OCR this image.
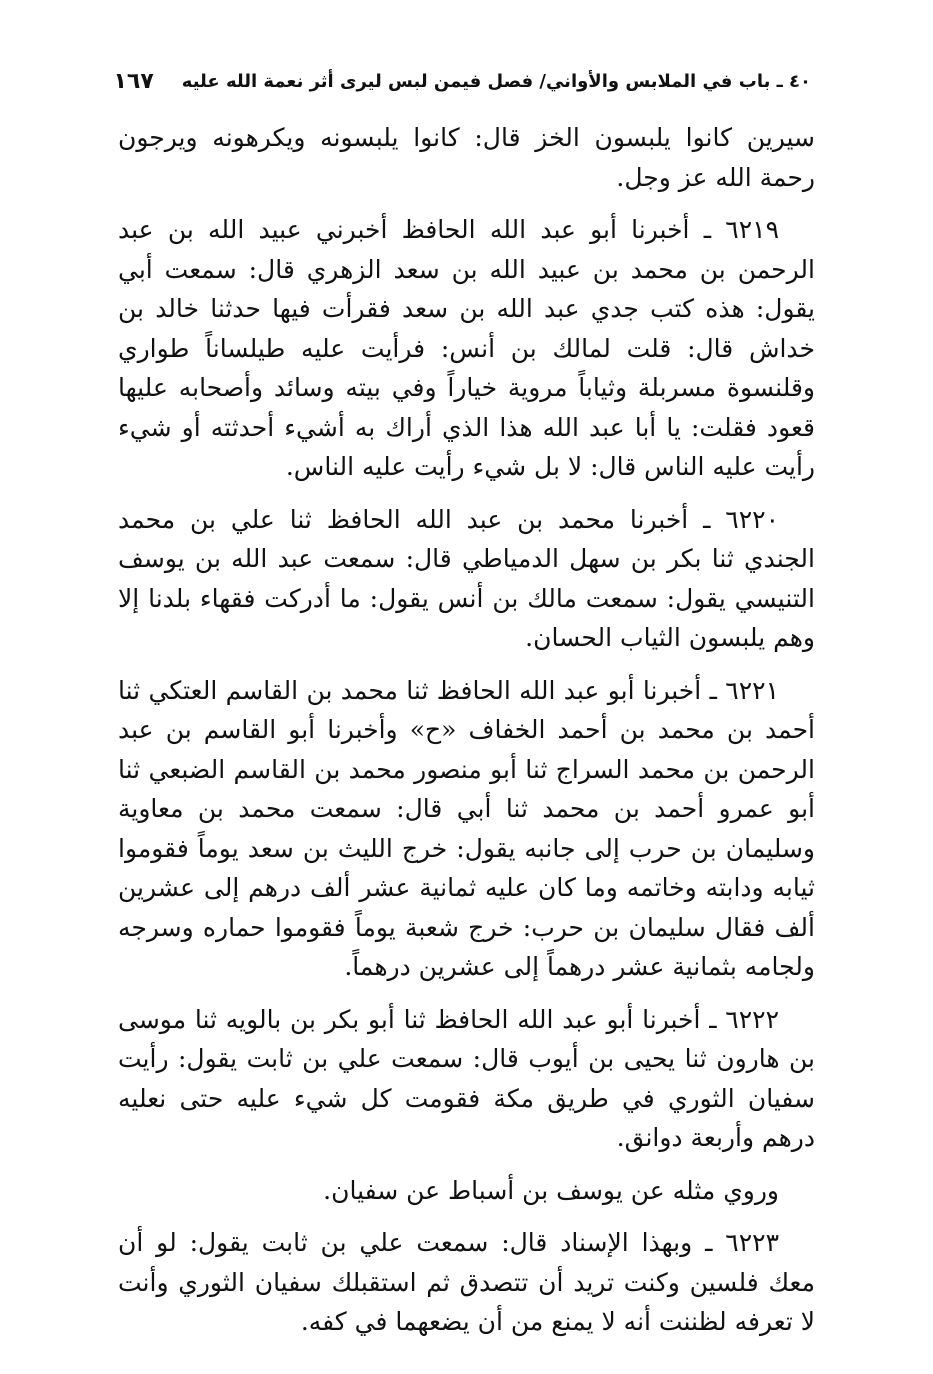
٤٠ ـ باب في الملابس والأواني/ فصل فيمن لبس ليرى أثر نعمة الله عليه
١٦٧

سيرين كانوا يلبسون الخز قال: كانوا يلبسونه ويكرهونه ويرجون رحمة الله عز وجل.

٦٢١٩ ـ أخبرنا أبو عبد الله الحافظ أخبرني عبيد الله بن عبد الرحمن بن محمد بن عبيد الله بن سعد الزهري قال: سمعت أبي يقول: هذه كتب جدي عبد الله بن سعد فقرأت فيها حدثنا خالد بن خداش قال: قلت لمالك بن أنس: فرأيت عليه طيلساناً طواري وقلنسوة مسربلة وثياباً مروية خياراً وفي بيته وسائد وأصحابه عليها قعود فقلت: يا أبا عبد الله هذا الذي أراك به أشيء أحدثته أو شيء رأيت عليه الناس قال: لا بل شيء رأيت عليه الناس.

٦٢٢٠ ـ أخبرنا محمد بن عبد الله الحافظ ثنا علي بن محمد الجندي ثنا بكر بن سهل الدمياطي قال: سمعت عبد الله بن يوسف التنيسي يقول: سمعت مالك بن أنس يقول: ما أدركت فقهاء بلدنا إلا وهم يلبسون الثياب الحسان.

٦٢٢١ ـ أخبرنا أبو عبد الله الحافظ ثنا محمد بن القاسم العتكي ثنا أحمد بن محمد بن أحمد الخفاف «ح» وأخبرنا أبو القاسم بن عبد الرحمن بن محمد السراج ثنا أبو منصور محمد بن القاسم الضبعي ثنا أبو عمرو أحمد بن محمد ثنا أبي قال: سمعت محمد بن معاوية وسليمان بن حرب إلى جانبه يقول: خرج الليث بن سعد يوماً فقوموا ثيابه ودابته وخاتمه وما كان عليه ثمانية عشر ألف درهم إلى عشرين ألف فقال سليمان بن حرب: خرج شعبة يوماً فقوموا حماره وسرجه ولجامه بثمانية عشر درهماً إلى عشرين درهماً.

٦٢٢٢ ـ أخبرنا أبو عبد الله الحافظ ثنا أبو بكر بن بالويه ثنا موسى بن هارون ثنا يحيى بن أيوب قال: سمعت علي بن ثابت يقول: رأيت سفيان الثوري في طريق مكة فقومت كل شيء عليه حتى نعليه درهم وأربعة دوانق.

وروي مثله عن يوسف بن أسباط عن سفيان.

٦٢٢٣ ـ وبهذا الإسناد قال: سمعت علي بن ثابت يقول: لو أن معك فلسين وكنت تريد أن تتصدق ثم استقبلك سفيان الثوري وأنت لا تعرفه لظننت أنه لا يمنع من أن يضعهما في كفه.
